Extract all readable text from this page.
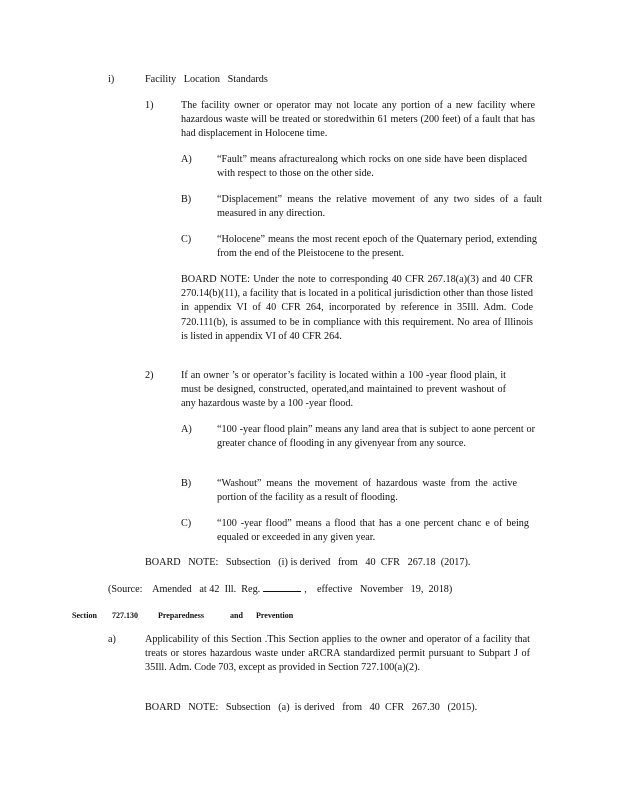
i)	Facility   Location   Standards
1)	The facility owner or operator may not locate any portion of a new facility where hazardous waste will be treated or storedwithin 61 meters (200 feet) of a fault that has had displacement in Holocene time.
A) “Fault” means afracturealong which rocks on one side have been displaced with respect to those on the other side.
B)	“Displacement” means the relative movement of any two sides of a fault measured in any direction.
C)	“Holocene” means the most recent epoch of the Quaternary period, extending from the end of the Pleistocene to the present.
BOARD NOTE: Under the note to corresponding 40 CFR 267.18(a)(3) and 40 CFR 270.14(b)(11), a facility that is located in a political jurisdiction other than those listed in appendix VI of 40 CFR 264, incorporated by reference in 35Ill. Adm. Code 720.111(b), is assumed to be in compliance with this requirement. No area of Illinois is listed in appendix VI of 40 CFR 264.
2)	If an owner ’s or operator’s facility is located within a 100 -year flood plain, it must be designed, constructed, operated,and maintained to prevent washout of any hazardous waste by a 100 -year flood.
A) “100 -year flood plain” means any land area that is subject to aone percent or greater chance of flooding in any givenyear from any source.
B)	“Washout” means the movement of hazardous waste from the active portion of the facility as a result of flooding.
C)	“100 -year flood” means a flood that has a one percent chanc e of being equaled or exceeded in any given year.
BOARD   NOTE:   Subsection   (i) is derived   from   40  CFR   267.18  (2017).
(Source:    Amended   at 42  Ill.  Reg.	,    effective   November   19,  2018)
Section 727.130	Preparedness	and Prevention
a)	Applicability of this Section .This Section applies to the owner and operator of a facility that treats or stores hazardous waste under aRCRA standardized permit pursuant to Subpart J of 35Ill. Adm. Code 703, except as provided in Section 727.100(a)(2).
BOARD   NOTE:   Subsection   (a)  is derived   from   40  CFR   267.30   (2015).
